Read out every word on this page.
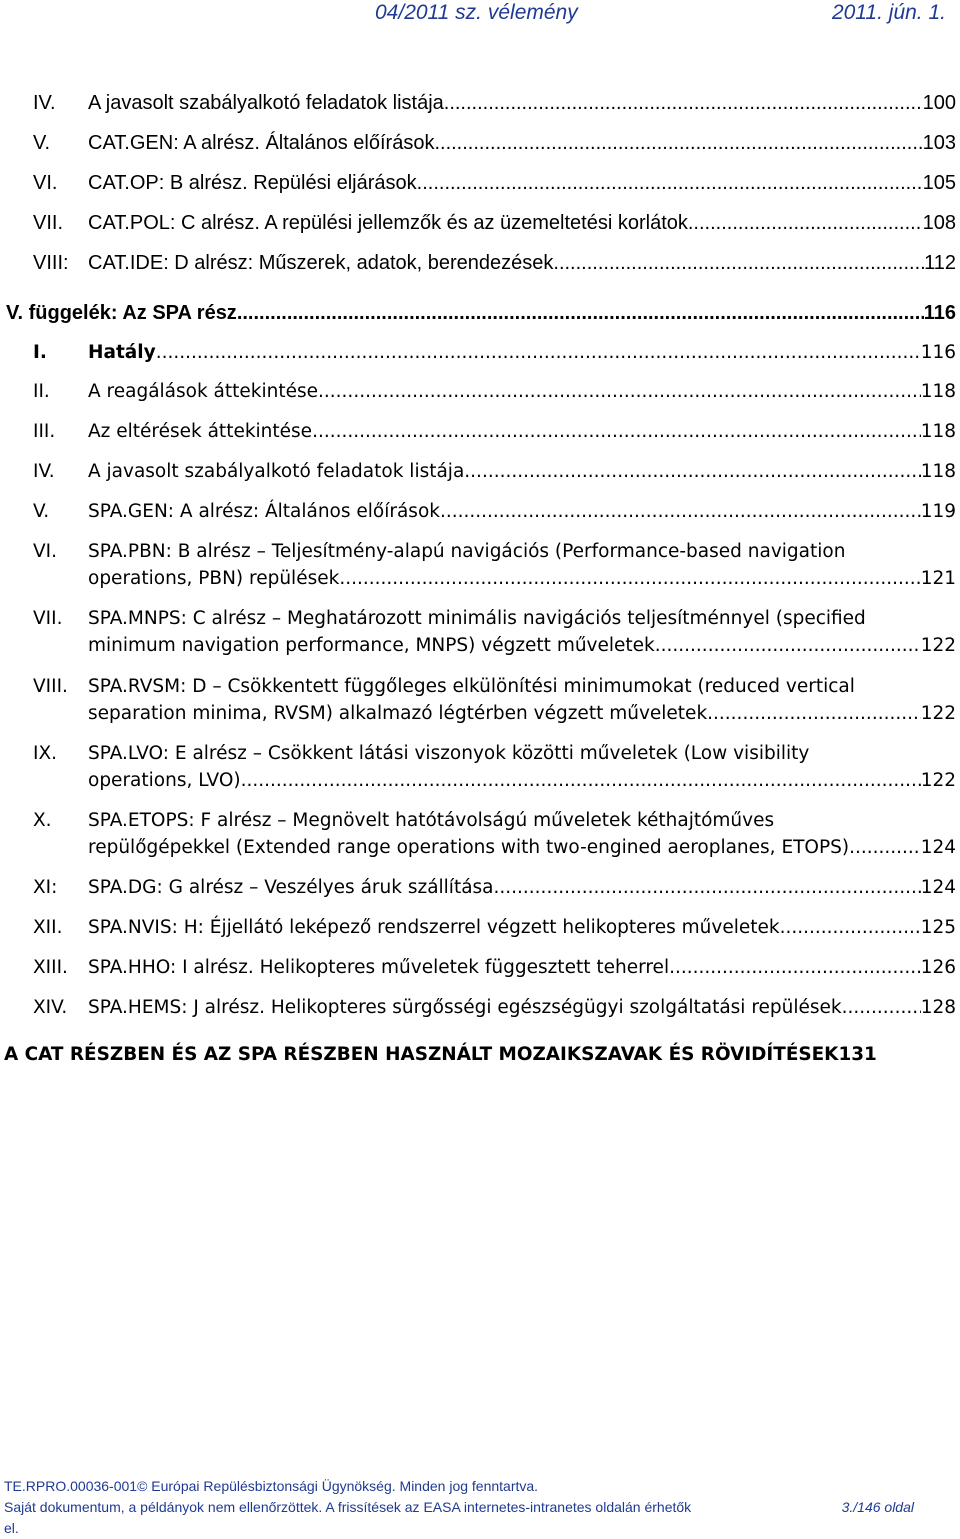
04/2011 sz. vélemény	2011. jún. 1.
IV. A javasolt szabályalkotó feladatok listája .....	100
V. CAT.GEN: A alrész. Általános előírások .....	103
VI. CAT.OP: B alrész. Repülési eljárások .....	105
VII. CAT.POL: C alrész. A repülési jellemzők és az üzemeltetési korlátok .....	108
VIII: CAT.IDE: D alrész: Műszerek, adatok, berendezések .....	112
V. függelék: Az SPA rész .....	116
I. Hatály .....	116
II. A reagálások áttekintése .....	118
III. Az eltérések áttekintése .....	118
IV. A javasolt szabályalkotó feladatok listája .....	118
V. SPA.GEN: A alrész: Általános előírások .....	119
VI. SPA.PBN: B alrész – Teljesítmény-alapú navigációs (Performance-based navigation
operations, PBN) repülések .....	121
VII. SPA.MNPS: C alrész – Meghatározott minimális navigációs teljesítménnyel (specified
minimum navigation performance, MNPS) végzett műveletek .....	122
VIII. SPA.RVSM: D – Csökkentett függőleges elkülönítési minimumokat (reduced vertical
separation minima, RVSM) alkalmazó légtérben végzett műveletek .....	122
IX. SPA.LVO: E alrész – Csökkent látási viszonyok közötti műveletek (Low visibility
operations, LVO) .....	122
X. SPA.ETOPS: F alrész – Megnövelt hatótávolságú műveletek kéthajtóműves
repülőgépekkel (Extended range operations with two-engined aeroplanes, ETOPS) .....	124
XI: SPA.DG: G alrész – Veszélyes áruk szállítása .....	124
XII. SPA.NVIS: H: Éjjellátó leképező rendszerrel végzett helikopteres műveletek .....	125
XIII. SPA.HHO: I alrész. Helikopteres műveletek függesztett teherrel .....	126
XIV. SPA.HEMS: J alrész. Helikopteres sürgősségi egészségügyi szolgáltatási repülések .....	128
A CAT RÉSZBEN ÉS AZ SPA RÉSZBEN HASZNÁLT MOZAIKSZAVAK ÉS RÖVIDÍTÉSEK 131
TE.RPRO.00036-001© Európai Repülésbiztonsági Ügynökség. Minden jog fenntartva.
Saját dokumentum, a példányok nem ellenőrzöttek. A frissítések az EASA internetes-intranetes oldalán érhetők	3./146 oldal
el.
